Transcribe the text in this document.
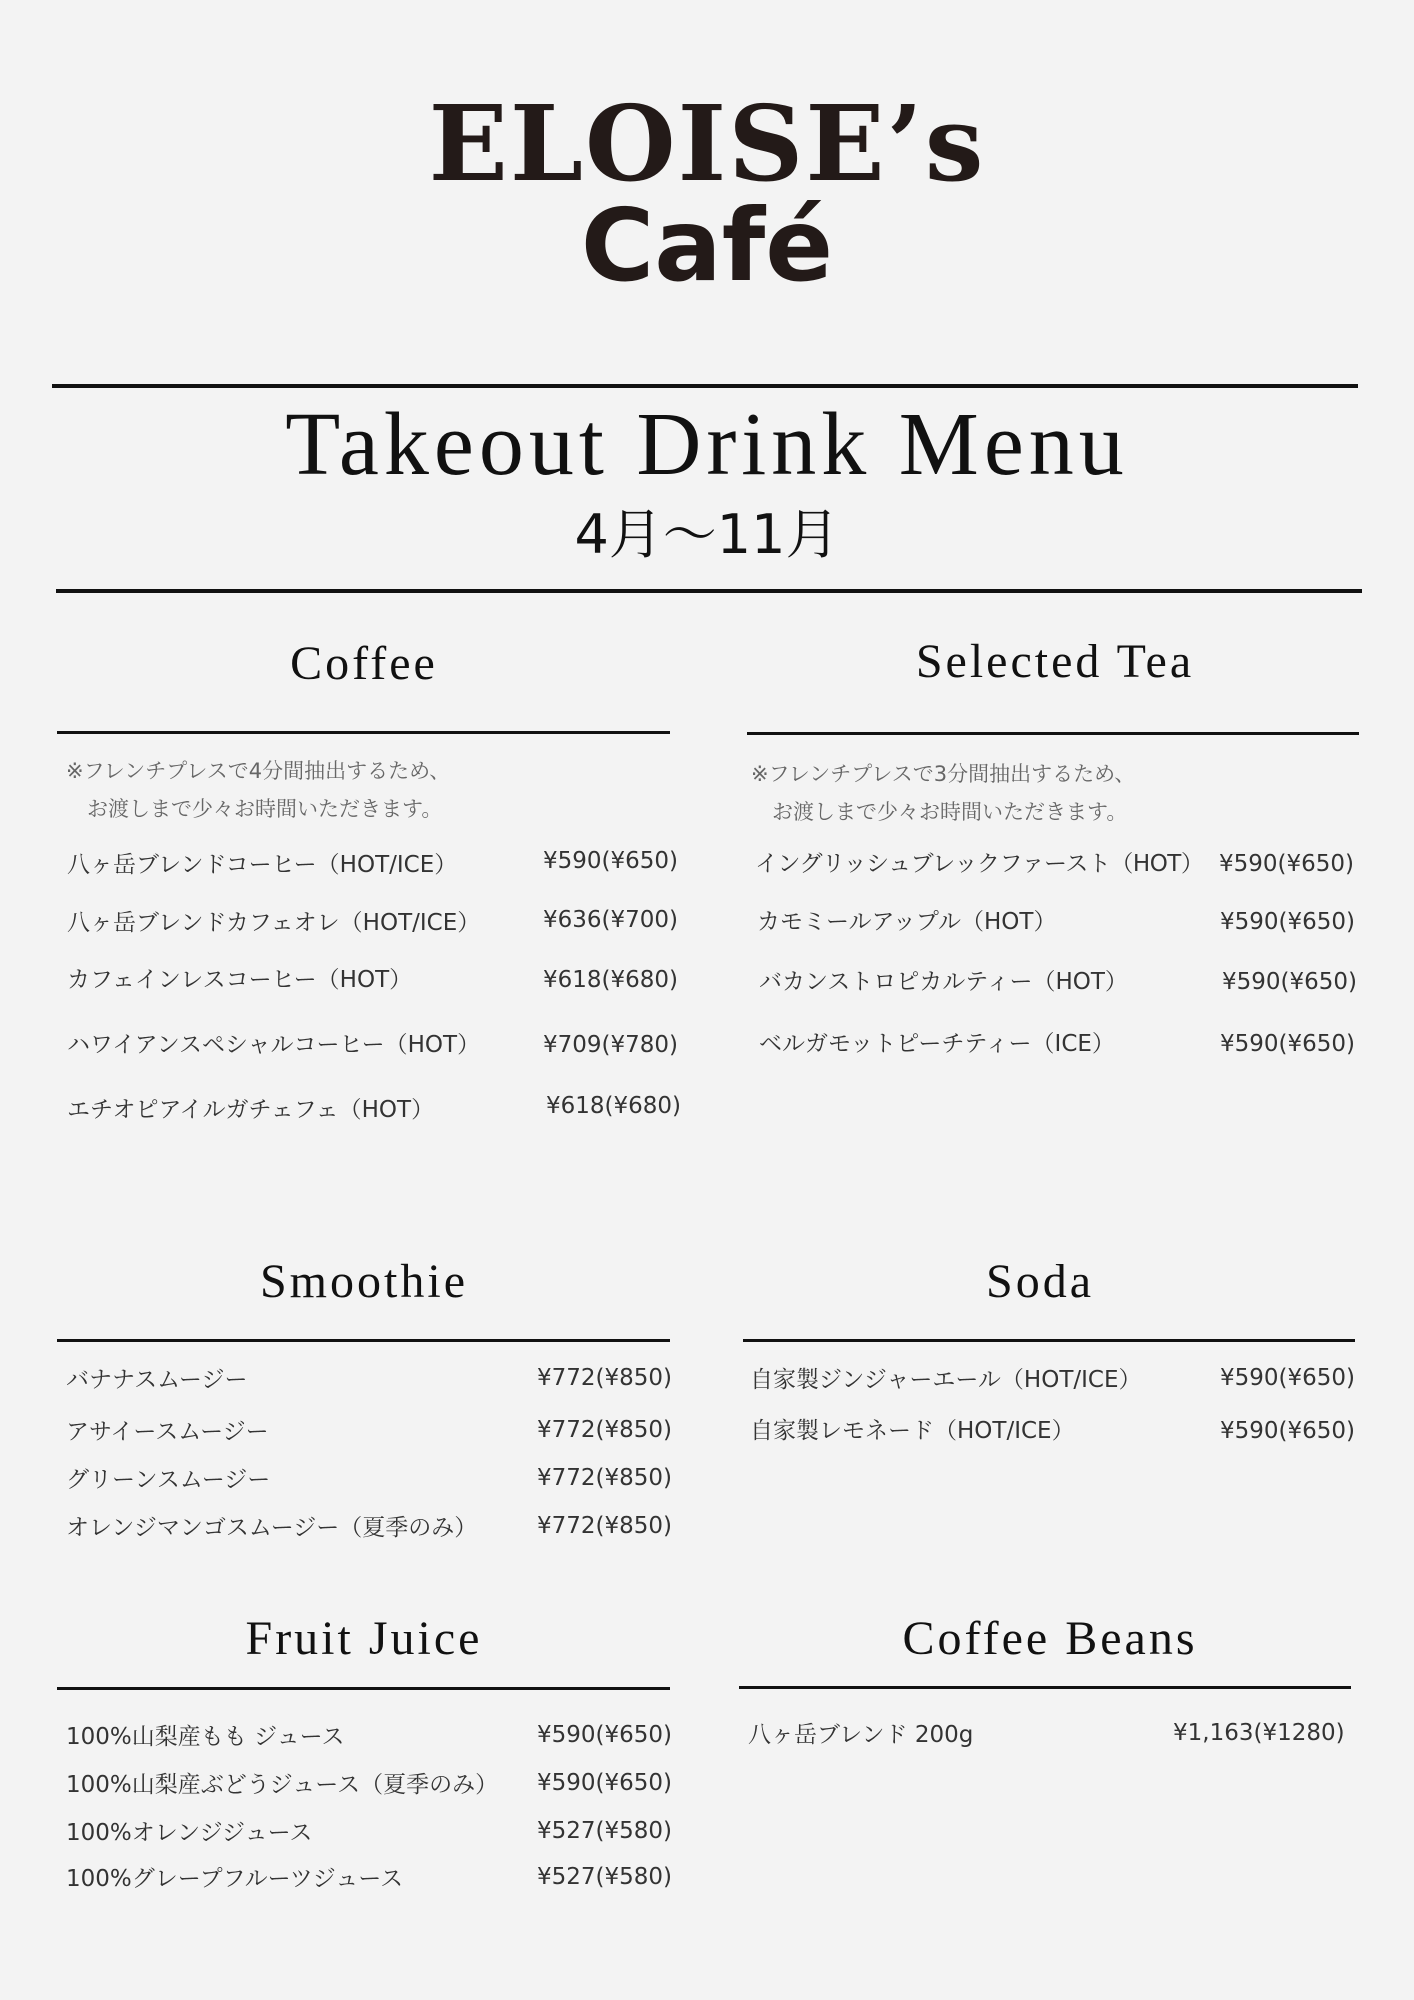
ELOISE’s
Café
Takeout Drink Menu
4月〜11月
Coffee
※フレンチプレスで4分間抽出するため、
　お渡しまで少々お時間いただきます。
八ヶ岳ブレンドコーヒー（HOT/ICE）	¥590(¥650)
八ヶ岳ブレンドカフェオレ（HOT/ICE）	¥636(¥700)
カフェインレスコーヒー（HOT）	¥618(¥680)
ハワイアンスペシャルコーヒー（HOT）	¥709(¥780)
エチオピアイルガチェフェ（HOT）	¥618(¥680)
Selected Tea
※フレンチプレスで3分間抽出するため、
　お渡しまで少々お時間いただきます。
イングリッシュブレックファースト（HOT） ¥590(¥650)
カモミールアップル（HOT）	¥590(¥650)
バカンストロピカルティー（HOT）	¥590(¥650)
ベルガモットピーチティー（ICE）	¥590(¥650)
Smoothie
バナナスムージー	¥772(¥850)
アサイースムージー	¥772(¥850)
グリーンスムージー	¥772(¥850)
オレンジマンゴスムージー（夏季のみ）	¥772(¥850)
Soda
自家製ジンジャーエール（HOT/ICE）	¥590(¥650)
自家製レモネード（HOT/ICE）	¥590(¥650)
Fruit Juice
100%山梨産もも ジュース	¥590(¥650)
100%山梨産ぶどうジュース（夏季のみ） ¥590(¥650)
100%オレンジジュース	¥527(¥580)
100%グレープフルーツジュース	¥527(¥580)
Coffee Beans
八ヶ岳ブレンド 200g	¥1,163(¥1280)
